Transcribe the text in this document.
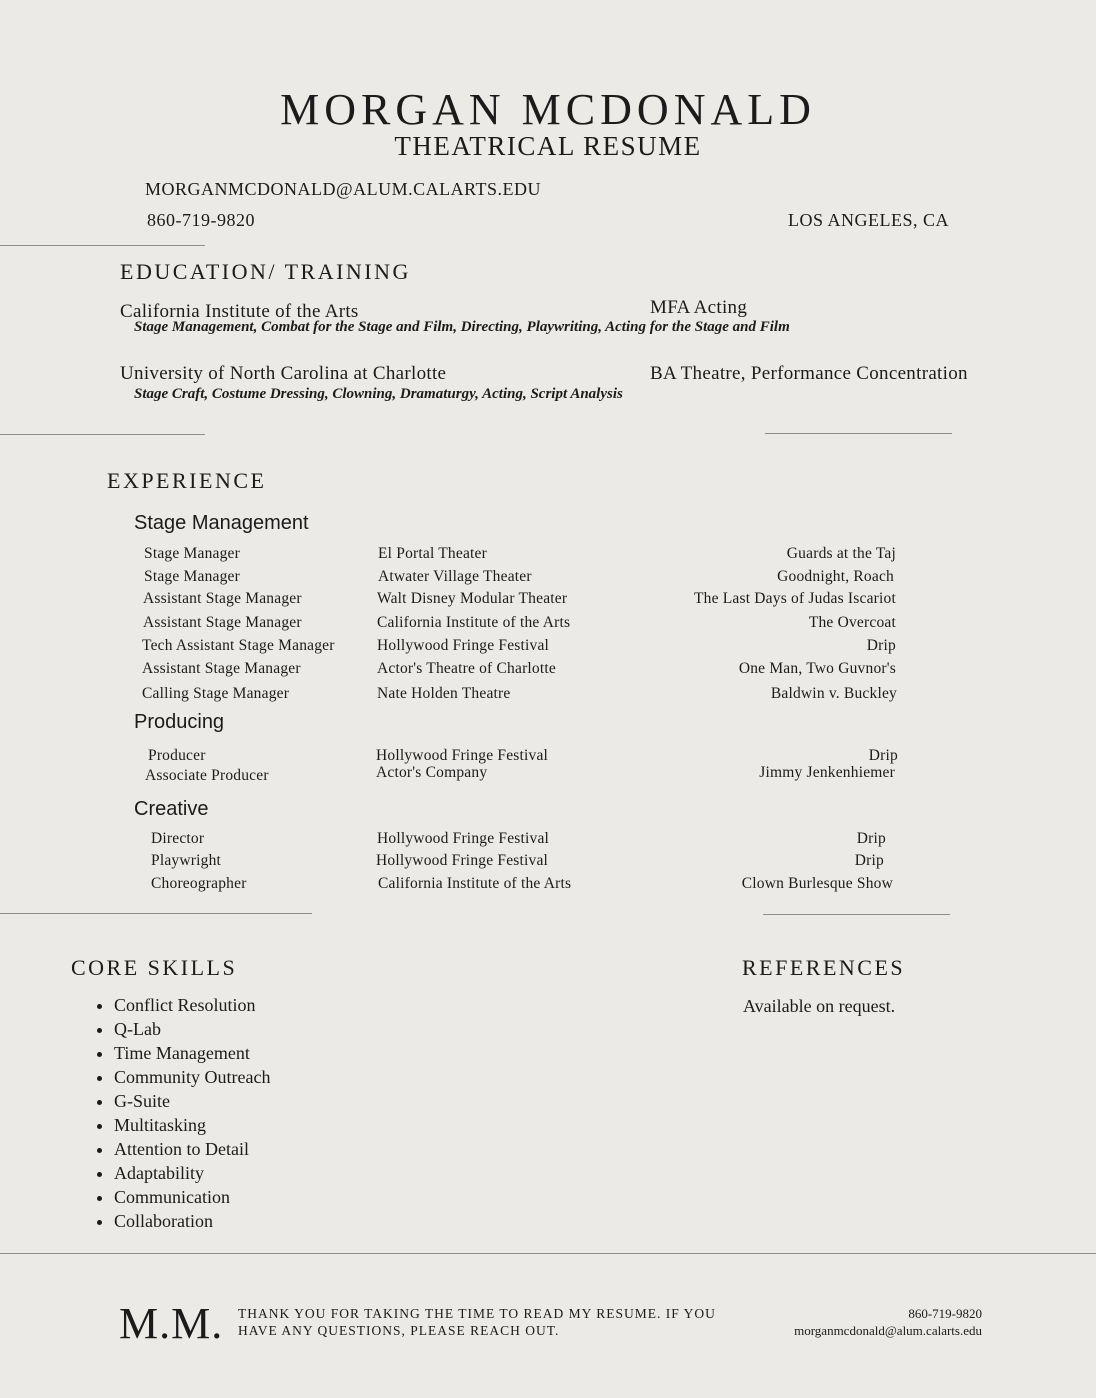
MORGAN MCDONALD
THEATRICAL RESUME
MORGANMCDONALD@ALUM.CALARTS.EDU
860-719-9820	LOS ANGELES, CA
EDUCATION/ TRAINING
California Institute of the Arts	MFA Acting
Stage Management, Combat for the Stage and Film, Directing, Playwriting, Acting for the Stage and Film
University of North Carolina at Charlotte	BA Theatre, Performance Concentration
Stage Craft, Costume Dressing, Clowning, Dramaturgy, Acting, Script Analysis
EXPERIENCE
Stage Management
Stage Manager	El Portal Theater	Guards at the Taj
Stage Manager	Atwater Village Theater	Goodnight, Roach
Assistant Stage Manager	Walt Disney Modular Theater	The Last Days of Judas Iscariot
Assistant Stage Manager	California Institute of the Arts	The Overcoat
Tech Assistant Stage Manager	Hollywood Fringe Festival	Drip
Assistant Stage Manager	Actor's Theatre of Charlotte	One Man, Two Guvnor's
Calling Stage Manager	Nate Holden Theatre	Baldwin v. Buckley
Producing
Producer	Hollywood Fringe Festival	Drip
Associate Producer	Actor's Company	Jimmy Jenkenhiemer
Creative
Director	Hollywood Fringe Festival	Drip
Playwright	Hollywood Fringe Festival	Drip
Choreographer	California Institute of the Arts	Clown Burlesque Show
CORE SKILLS
• Conflict Resolution
• Q-Lab
• Time Management
• Community Outreach
• G-Suite
• Multitasking
• Attention to Detail
• Adaptability
• Communication
• Collaboration
REFERENCES
Available on request.
M.M. THANK YOU FOR TAKING THE TIME TO READ MY RESUME. IF YOU
HAVE ANY QUESTIONS, PLEASE REACH OUT.
860-719-9820
morganmcdonald@alum.calarts.edu
